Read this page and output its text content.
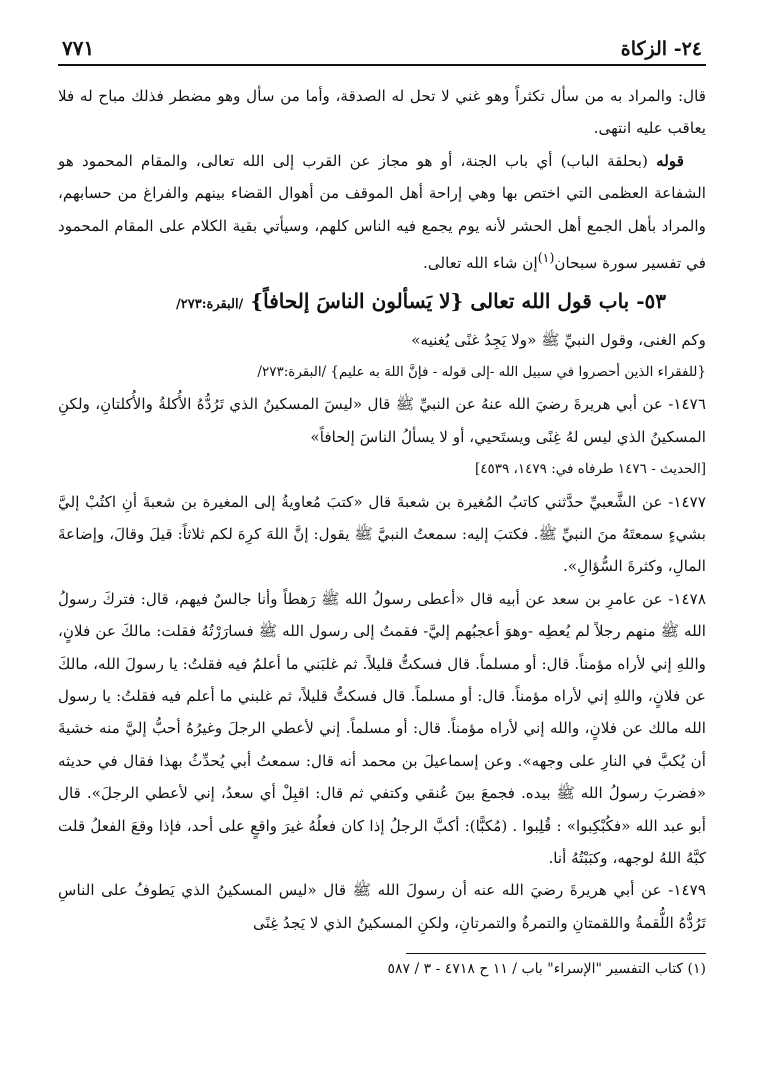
٢٤- الزكاة
٧٧١

قال: والمراد به من سأل تكثراً وهو غني لا تحل له الصدقة، وأما من سأل وهو مضطر فذلك مباح له فلا يعاقب عليه انتهى.

قوله (بحلقة الباب) أي باب الجنة، أو هو مجاز عن القرب إلى الله تعالى، والمقام المحمود هو الشفاعة العظمى التي اختص بها وهي إراحة أهل الموقف من أهوال القضاء بينهم والفراغ من حسابهم، والمراد بأهل الجمع أهل الحشر لأنه يوم يجمع فيه الناس كلهم، وسيأتي بقية الكلام على المقام المحمود في تفسير سورة سبحان$^{(١)}$إن شاء الله تعالى.

٥٣- باب قول الله تعالى {لا يَسألون الناسَ إلحافاً} /البقرة:٢٧٣/

وكم الغنى، وقول النبيِّ ﷺ «ولا يَجِدُ غنًى يُغنيه»

{للفقراء الذين أحصروا في سبيل الله -إلى قوله - فإنَّ اللهَ به عليم} /البقرة:٢٧٣/

١٤٧٦- عن أبي هريرةَ رضيَ الله عنهُ عن النبيِّ ﷺ قال «ليسَ المسكينُ الذي تَرُدُّهُ الأُكلةُ والأُكلتانِ، ولكنِ المسكينُ الذي ليس لهُ غِنًى ويستَحيي، أو لا يسألُ الناسَ إلحافاً»

[الحديث - ١٤٧٦ طرفاه في: ١٤٧٩، ٤٥٣٩]

١٤٧٧- عن الشَّعبيِّ حدَّثني كاتبُ المُغيرة بن شعبةَ قال «كتبَ مُعاويةُ إلى المغيرة بن شعبةَ أنِ اكتُبْ إليَّ بشيءٍ سمعتَهُ منَ النبيِّ ﷺ. فكتبَ إليه: سمعتُ النبيَّ ﷺ يقول: إنَّ اللهَ كرِهَ لكم ثلاثاً: قيلَ وقالَ، وإضاعةَ المالِ، وكثرةَ السُّؤالِ».

١٤٧٨- عن عامرِ بن سعد عن أبيه قال «أعطى رسولُ الله ﷺ رَهطاً وأنا جالسٌ فيهم، قال: فتركَ رسولُ الله ﷺ منهم رجلاً لم يُعطِه -وهوَ أعجبُهم إليَّ- فقمتُ إلى رسول الله ﷺ فسارَرْتُهُ فقلت: مالكَ عن فلانٍ، واللهِ إني لأراه مؤمناً. قال: أو مسلماً. قال فسكتُّ قليلاً. ثم غلبَني ما أعلمُ فيه فقلتُ: يا رسولَ الله، مالكَ عن فلانٍ، واللهِ إني لأراه مؤمناً. قال: أو مسلماً. قال فسكتُّ قليلاً، ثم غلبني ما أعلم فيه فقلتُ: يا رسول الله مالك عن فلانٍ، والله إني لأراه مؤمناً. قال: أو مسلماً. إني لأعطي الرجلَ وغيرُهُ أحبُّ إليَّ منه خشيةَ أن يُكبَّ في النارِ على وجهه». وعن إسماعيلَ بن محمد أنه قال: سمعتُ أبي يُحدِّثُ بهذا فقال في حديثه «فضربَ رسولُ الله ﷺ بيده. فجمعَ بينَ عُنقي وكتفي ثم قال: اقبِلْ أي سعدُ، إني لأعطي الرجلَ». قال أبو عبد الله «فكُبْكِبوا» : قُلِبوا . (مُكبًّا): أكبَّ الرجلُ إذا كان فعلُهُ غيرَ واقعٍ على أحد، فإذا وقعَ الفعلُ قلت كبَّهُ اللهُ لوجهه، وكبَبْتُهُ أنا.

١٤٧٩- عن أبي هريرةَ رضيَ الله عنه أن رسولَ الله ﷺ قال «ليس المسكينُ الذي يَطوفُ على الناسِ تَرُدُّهُ اللُّقمةُ واللقمتانِ والتمرةُ والتمرتانِ، ولكنِ المسكينُ الذي لا يَجدُ غِنًى

(١) كتاب التفسير "الإسراء" باب / ١١ ح ٤٧١٨ - ٣ / ٥٨٧
